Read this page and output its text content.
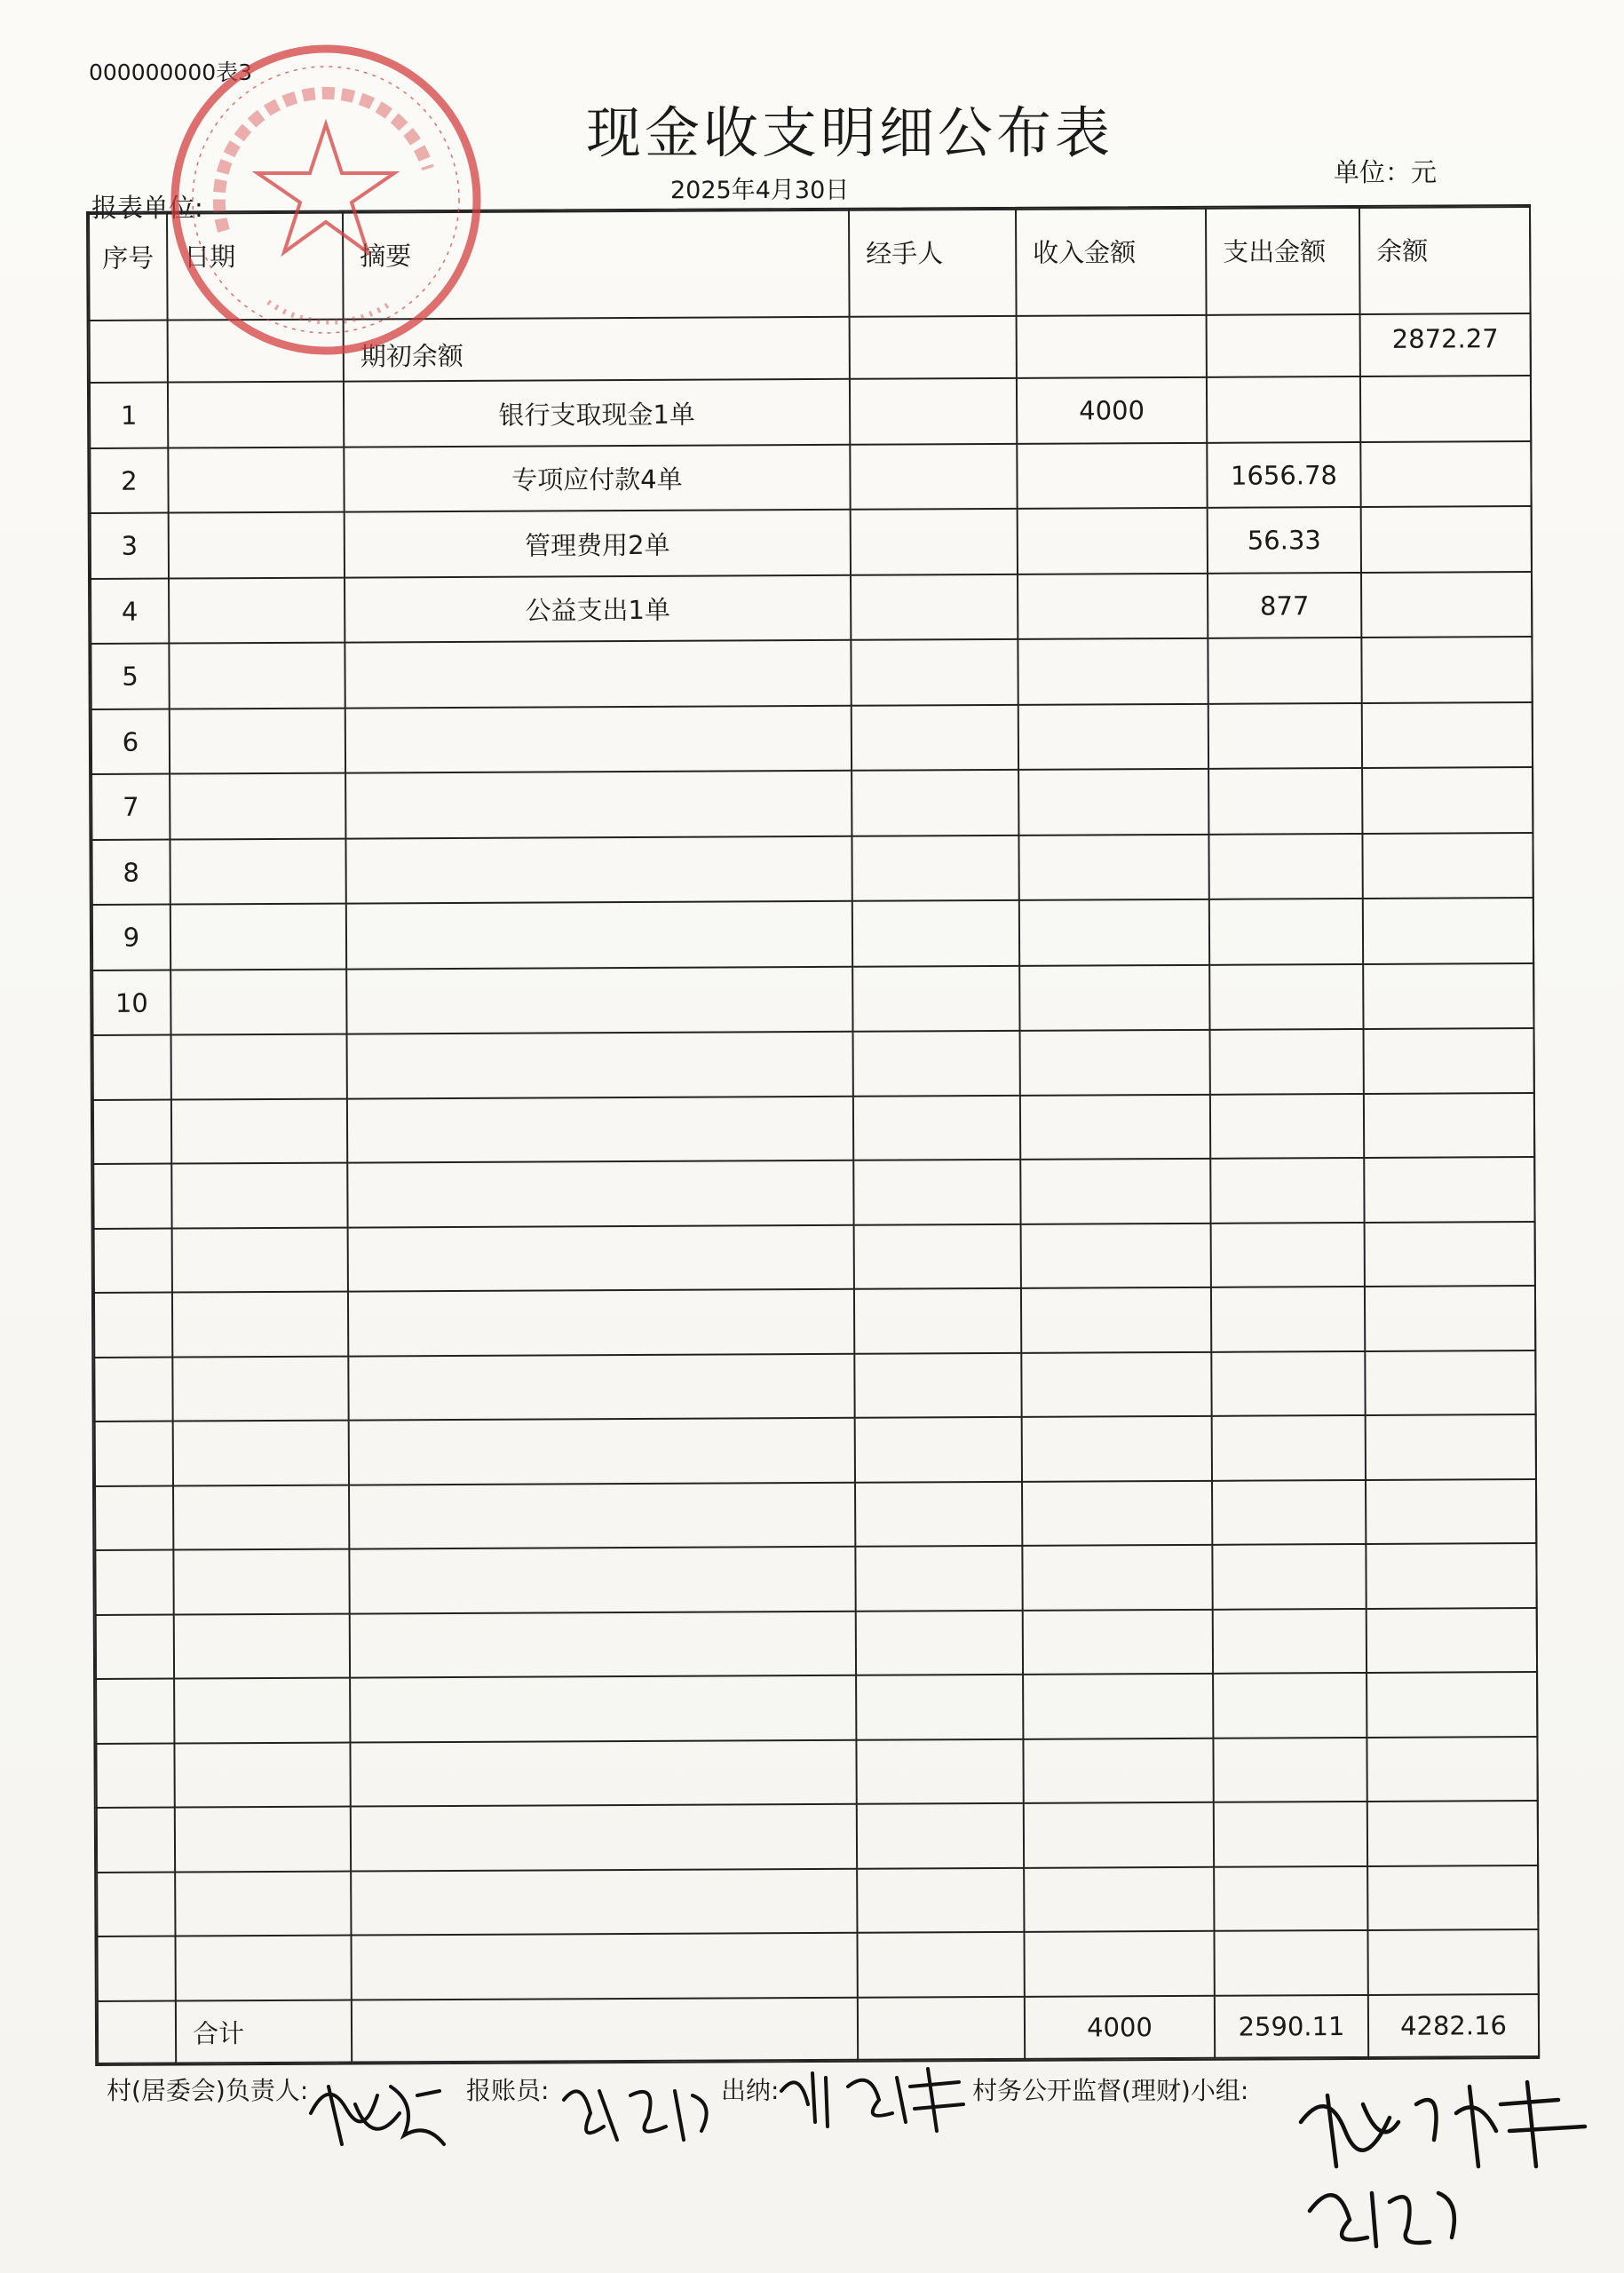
000000000表3
现金收支明细公布表
2025年4月30日
报表单位:
单位：元
序号	日期	摘要	经手人	收入金额	支出金额	余额
		期初余额				2872.27
1		银行支取现金1单		4000		
2		专项应付款4单			1656.78	
3		管理费用2单			56.33	
4		公益支出1单			877	
5						
6						
7						
8						
9						
10						

	合计			4000	2590.11	4282.16
村(居委会)负责人:	报账员:	出纳:	村务公开监督(理财)小组:
